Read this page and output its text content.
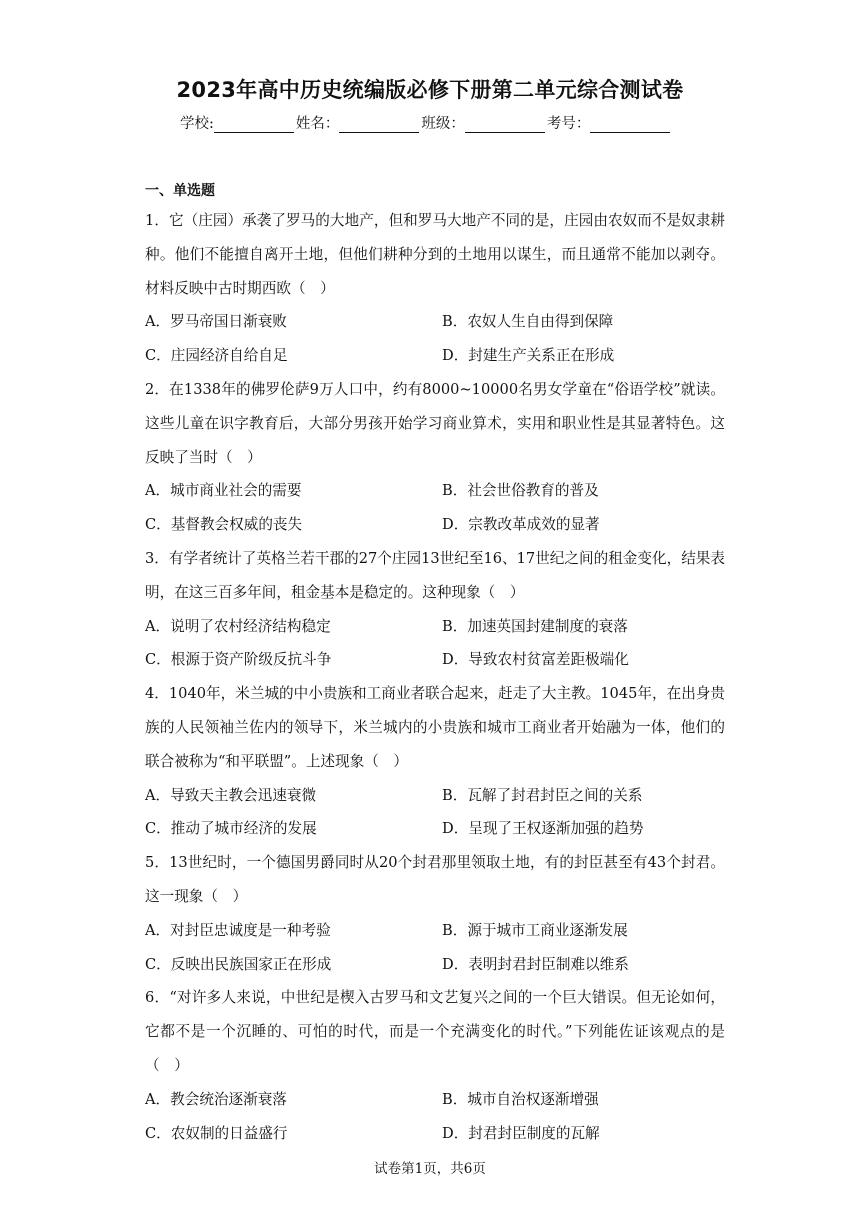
2023年高中历史统编版必修下册第二单元综合测试卷
学校:	姓名：	班级：	考号：
一、单选题

1．它（庄园）承袭了罗马的大地产，但和罗马大地产不同的是，庄园由农奴而不是奴隶耕种。他们不能擅自离开土地，但他们耕种分到的土地用以谋生，而且通常不能加以剥夺。材料反映中古时期西欧（　）

A．罗马帝国日渐衰败	B．农奴人生自由得到保障
C．庄园经济自给自足	D．封建生产关系正在形成

2．在1338年的佛罗伦萨9万人口中，约有8000~10000名男女学童在“俗语学校”就读。这些儿童在识字教育后，大部分男孩开始学习商业算术，实用和职业性是其显著特色。这反映了当时（　）

A．城市商业社会的需要	B．社会世俗教育的普及
C．基督教会权威的丧失	D．宗教改革成效的显著

3．有学者统计了英格兰若干郡的27个庄园13世纪至16、17世纪之间的租金变化，结果表明，在这三百多年间，租金基本是稳定的。这种现象（　）

A．说明了农村经济结构稳定	B．加速英国封建制度的衰落
C．根源于资产阶级反抗斗争	D．导致农村贫富差距极端化

4．1040年，米兰城的中小贵族和工商业者联合起来，赶走了大主教。1045年，在出身贵族的人民领袖兰佐内的领导下，米兰城内的小贵族和城市工商业者开始融为一体，他们的联合被称为“和平联盟”。上述现象（　）

A．导致天主教会迅速衰微	B．瓦解了封君封臣之间的关系
C．推动了城市经济的发展	D．呈现了王权逐渐加强的趋势

5．13世纪时，一个德国男爵同时从20个封君那里领取土地，有的封臣甚至有43个封君。这一现象（　）

A．对封臣忠诚度是一种考验	B．源于城市工商业逐渐发展
C．反映出民族国家正在形成	D．表明封君封臣制难以维系

6．“对许多人来说，中世纪是楔入古罗马和文艺复兴之间的一个巨大错误。但无论如何，它都不是一个沉睡的、可怕的时代，而是一个充满变化的时代。”下列能佐证该观点的是（　）

A．教会统治逐渐衰落	B．城市自治权逐渐增强
C．农奴制的日益盛行	D．封君封臣制度的瓦解
试卷第1页，共6页
